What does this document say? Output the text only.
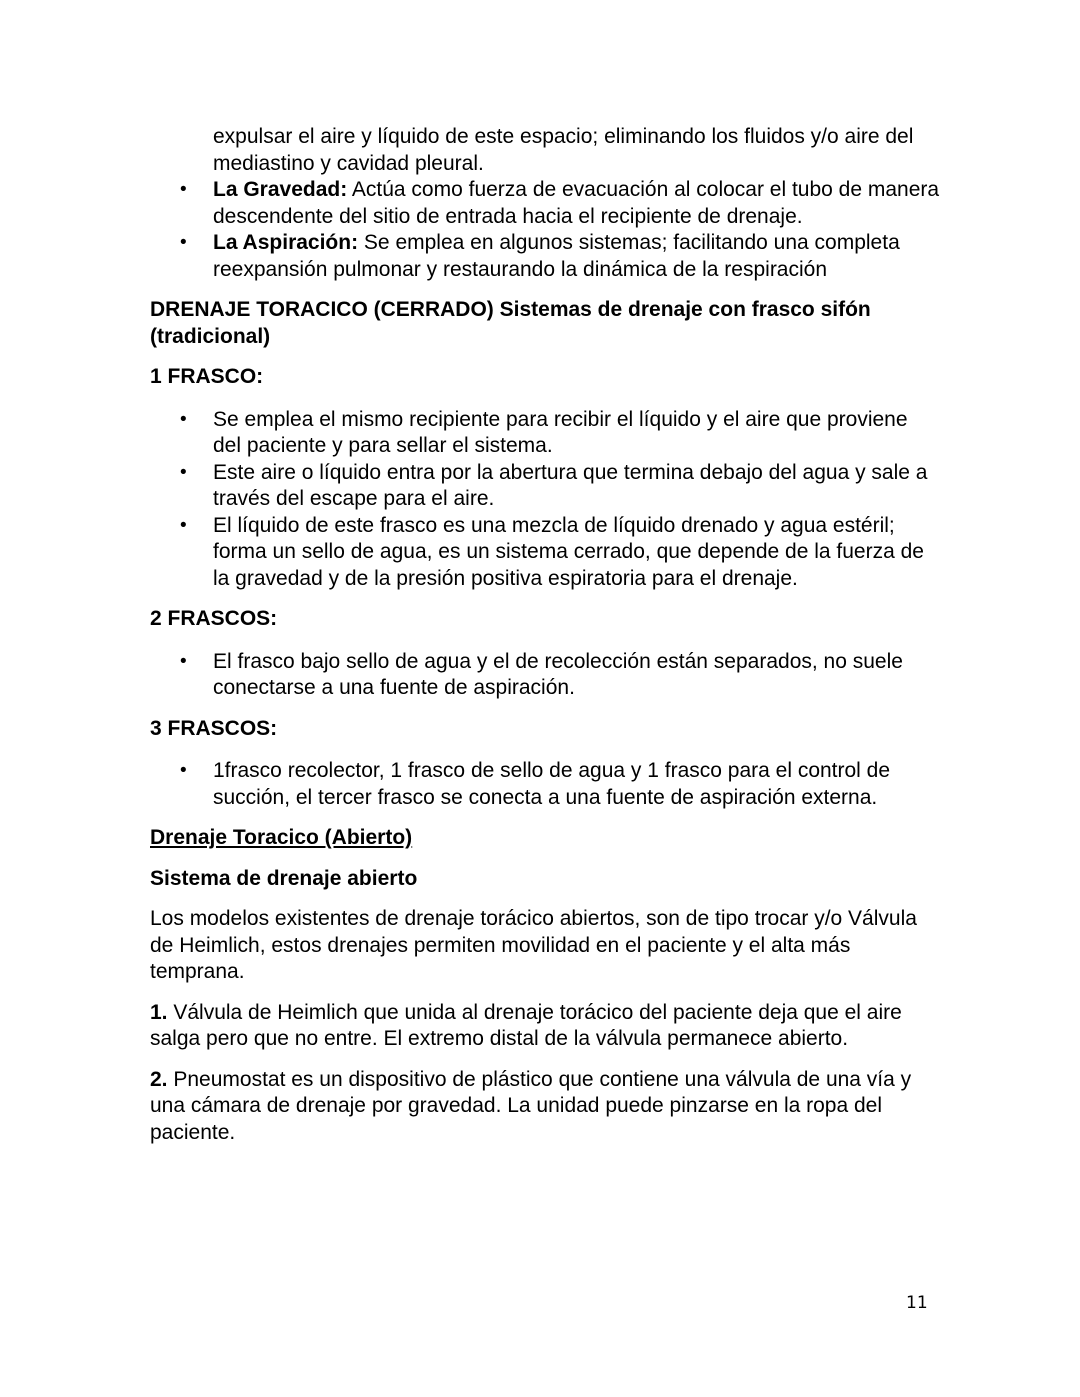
expulsar el aire y líquido de este espacio; eliminando los fluidos y/o aire del mediastino y cavidad pleural.
• La Gravedad: Actúa como fuerza de evacuación al colocar el tubo de manera descendente del sitio de entrada hacia el recipiente de drenaje.
• La Aspiración: Se emplea en algunos sistemas; facilitando una completa reexpansión pulmonar y restaurando la dinámica de la respiración
DRENAJE TORACICO (CERRADO) Sistemas de drenaje con frasco sifón (tradicional)
1 FRASCO:
• Se emplea el mismo recipiente para recibir el líquido y el aire que proviene del paciente y para sellar el sistema.
• Este aire o líquido entra por la abertura que termina debajo del agua y sale a través del escape para el aire.
• El líquido de este frasco es una mezcla de líquido drenado y agua estéril; forma un sello de agua, es un sistema cerrado, que depende de la fuerza de la gravedad y de la presión positiva espiratoria para el drenaje.
2 FRASCOS:
• El frasco bajo sello de agua y el de recolección están separados, no suele conectarse a una fuente de aspiración.
3 FRASCOS:
• 1frasco recolector, 1 frasco de sello de agua y 1 frasco para el control de succión, el tercer frasco se conecta a una fuente de aspiración externa.
Drenaje Toracico (Abierto)
Sistema de drenaje abierto

Los modelos existentes de drenaje torácico abiertos, son de tipo trocar y/o Válvula de Heimlich, estos drenajes permiten movilidad en el paciente y el alta más temprana.

1. Válvula de Heimlich que unida al drenaje torácico del paciente deja que el aire salga pero que no entre. El extremo distal de la válvula permanece abierto.

2. Pneumostat es un dispositivo de plástico que contiene una válvula de una vía y una cámara de drenaje por gravedad. La unidad puede pinzarse en la ropa del paciente.

11
